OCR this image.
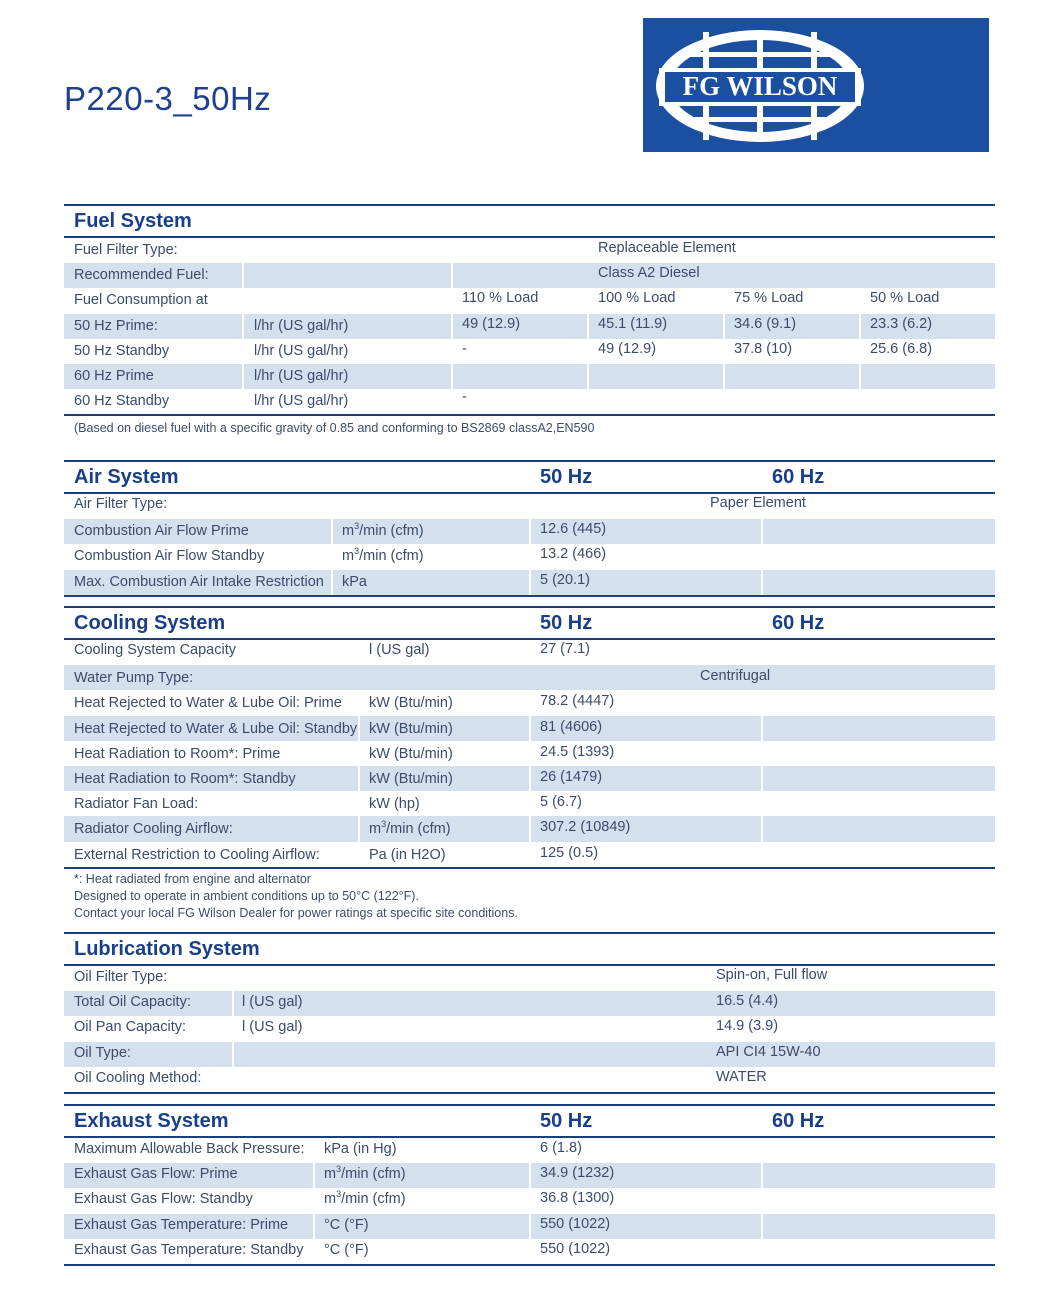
P220-3_50Hz	FG WILSON
Fuel System
Fuel Filter Type:	Replaceable Element
Recommended Fuel:	Class A2 Diesel
Fuel Consumption at	110 % Load	100 % Load	75 % Load	50 % Load
50 Hz Prime:	l/hr (US gal/hr)	49 (12.9)	45.1 (11.9)	34.6 (9.1)	23.3 (6.2)
50 Hz Standby	l/hr (US gal/hr)	-	49 (12.9)	37.8 (10)	25.6 (6.8)
60 Hz Prime	l/hr (US gal/hr)
60 Hz Standby	l/hr (US gal/hr)	-
(Based on diesel fuel with a specific gravity of 0.85 and conforming to BS2869 classA2,EN590
Air System	50 Hz	60 Hz
Air Filter Type:	Paper Element
Combustion Air Flow Prime	$m^3/\min$ (cfm)	12.6 (445)
Combustion Air Flow Standby	$m^3/\min$ (cfm)	13.2 (466)
Max. Combustion Air Intake Restriction kPa	5 (20.1)
Cooling System	50 Hz	60 Hz
Cooling System Capacity	l (US gal)	27 (7.1)
Water Pump Type:	Centrifugal
Heat Rejected to Water & Lube Oil: Prime kW (Btu/min)	78.2 (4447)
Heat Rejected to Water & Lube Oil: Standby kW (Btu/min)	81 (4606)
Heat Radiation to Room*: Prime	kW (Btu/min)	24.5 (1393)
Heat Radiation to Room*: Standby	kW (Btu/min)	26 (1479)
Radiator Fan Load:	kW (hp)	5 (6.7)
Radiator Cooling Airflow:	$m^3/\min$ (cfm)	307.2 (10849)
External Restriction to Cooling Airflow:	Pa (in H2O)	125 (0.5)
*: Heat radiated from engine and alternator
Designed to operate in ambient conditions up to 50°C (122°F).
Contact your local FG Wilson Dealer for power ratings at specific site conditions.
Lubrication System
Oil Filter Type:	Spin-on, Full flow
Total Oil Capacity:	l (US gal)	16.5 (4.4)
Oil Pan Capacity:	l (US gal)	14.9 (3.9)
Oil Type:	API CI4 15W-40
Oil Cooling Method:	WATER
Exhaust System	50 Hz	60 Hz
Maximum Allowable Back Pressure: kPa (in Hg)	6 (1.8)
Exhaust Gas Flow: Prime	$m^3/\min$ (cfm)	34.9 (1232)
Exhaust Gas Flow: Standby	$m^3/\min$ (cfm)	36.8 (1300)
Exhaust Gas Temperature: Prime °C (°F)	550 (1022)
Exhaust Gas Temperature: Standby °C (°F)	550 (1022)
